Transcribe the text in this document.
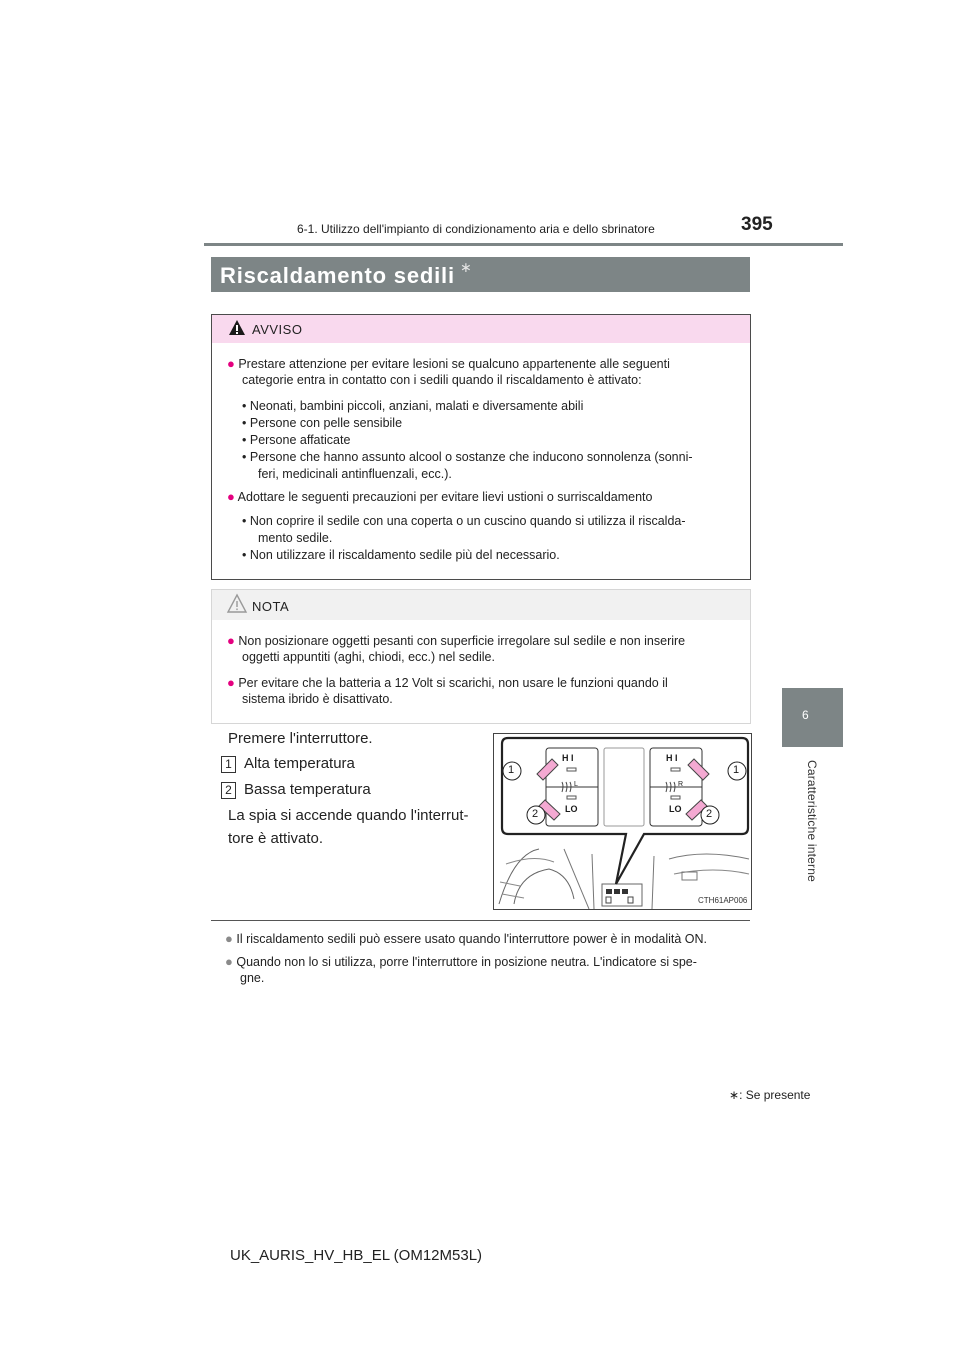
6-1. Utilizzo dell'impianto di condizionamento aria e dello sbrinatore	395
6
Caratteristiche interne
Riscaldamento sedili ∗
AVVISO
● Prestare attenzione per evitare lesioni se qualcuno appartenente alle seguenti
categorie entra in contatto con i sedili quando il riscaldamento è attivato:
• Neonati, bambini piccoli, anziani, malati e diversamente abili
• Persone con pelle sensibile
• Persone affaticate
• Persone che hanno assunto alcool o sostanze che inducono sonnolenza (sonni-
feri, medicinali antinfluenzali, ecc.).
● Adottare le seguenti precauzioni per evitare lievi ustioni o surriscaldamento
• Non coprire il sedile con una coperta o un cuscino quando si utilizza il riscalda-
mento sedile.
• Non utilizzare il riscaldamento sedile più del necessario.
NOTA
● Non posizionare oggetti pesanti con superficie irregolare sul sedile e non inserire
oggetti appuntiti (aghi, chiodi, ecc.) nel sedile.
● Per evitare che la batteria a 12 Volt si scarichi, non usare le funzioni quando il
sistema ibrido è disattivato.
Premere l'interruttore.
1 Alta temperatura
2 Bassa temperatura
La spia si accende quando l'interrut-
tore è attivato.
H I
LO
L
H I
LO
R
1
2
1
2
CTH61AP006
● Il riscaldamento sedili può essere usato quando l'interruttore power è in modalità ON.
● Quando non lo si utilizza, porre l'interruttore in posizione neutra. L'indicatore si spe-
gne.
∗: Se presente
UK_AURIS_HV_HB_EL (OM12M53L)
